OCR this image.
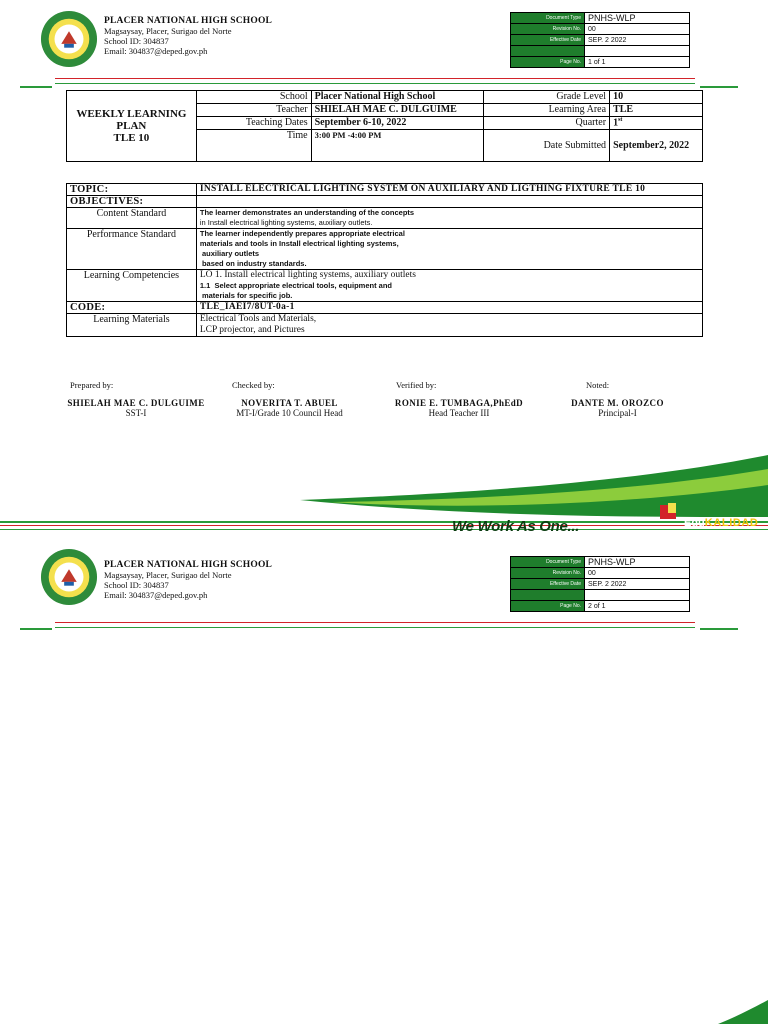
PLACER NATIONAL HIGH SCHOOL
Magsaysay, Placer, Surigao del Norte
School ID: 304837
Email: 304837@deped.gov.ph
Document Type	PNHS-WLP
Revision No.	00
Effective Date	SEP. 2 2022

Page No.	1 of 1
WEEKLY LEARNING
PLAN
TLE 10	School	Placer National High School	Grade Level	10
	Teacher	SHIELAH MAE C. DULGUIME	Learning Area	TLE
	Teaching Dates	September 6-10, 2022	Quarter	1st
	Time	3:00 PM -4:00 PM	Date Submitted	September2, 2022
TOPIC:	INSTALL ELECTRICAL LIGHTING SYSTEM ON AUXILIARY AND LIGTHING FIXTURE TLE 10
OBJECTIVES:	
Content Standard	The learner demonstrates an understanding of the concepts
in Install electrical lighting systems, auxiliary outlets.

Performance Standard	The learner independently prepares appropriate electrical
materials and tools in Install electrical lighting systems,
auxiliary outlets
based on industry standards.

Learning Competencies	LO 1. Install electrical lighting systems, auxiliary outlets
1.1  Select appropriate electrical tools, equipment and
materials for specific job.

CODE:	TLE_IAEI7/8UT-0a-1
Learning Materials	Electrical Tools and Materials,
LCP projector, and Pictures
Prepared by:	Checked by:	Verified by:	Noted:
SHIELAH MAE C. DULGUIME
SST-I
NOVERITA T. ABUEL
MT-I/Grade 10 Council Head
RONIE E. TUMBAGA,PhEdD
Head Teacher III
DANTE M. OROZCO
Principal-I
We Work As One...	EduKALIDAD
PLACER NATIONAL HIGH SCHOOL
Magsaysay, Placer, Surigao del Norte
School ID: 304837
Email: 304837@deped.gov.ph
Document Type	PNHS-WLP
Revision No.	00
Effective Date	SEP. 2 2022

Page No.	2 of 1
